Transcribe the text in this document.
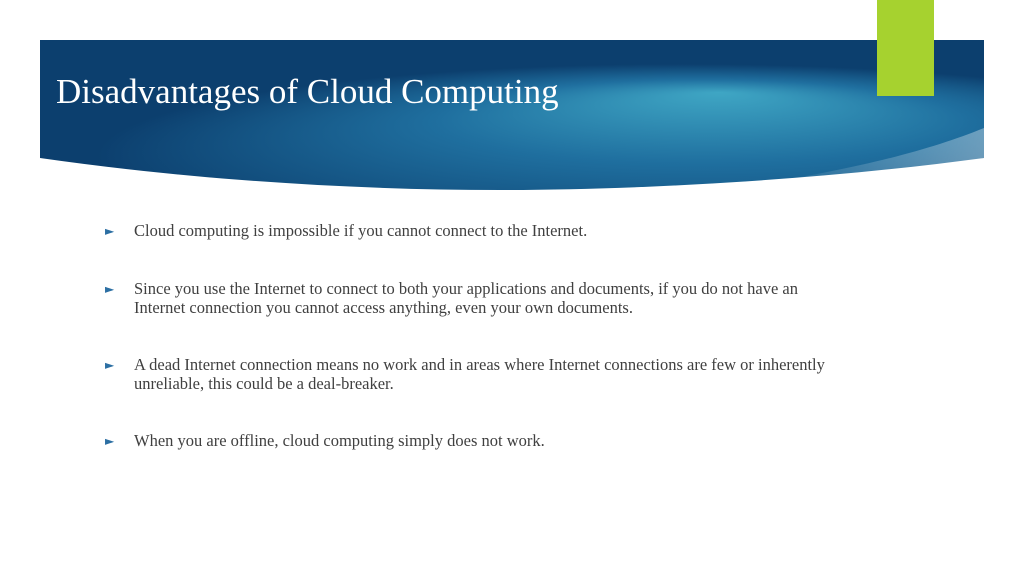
Disadvantages of Cloud Computing
► Cloud computing is impossible if you cannot connect to the Internet.
► Since you use the Internet to connect to both your applications and documents, if you do not have an Internet connection you cannot access anything, even your own documents.
► A dead Internet connection means no work and in areas where Internet connections are few or inherently unreliable, this could be a deal-breaker.
► When you are offline, cloud computing simply does not work.
